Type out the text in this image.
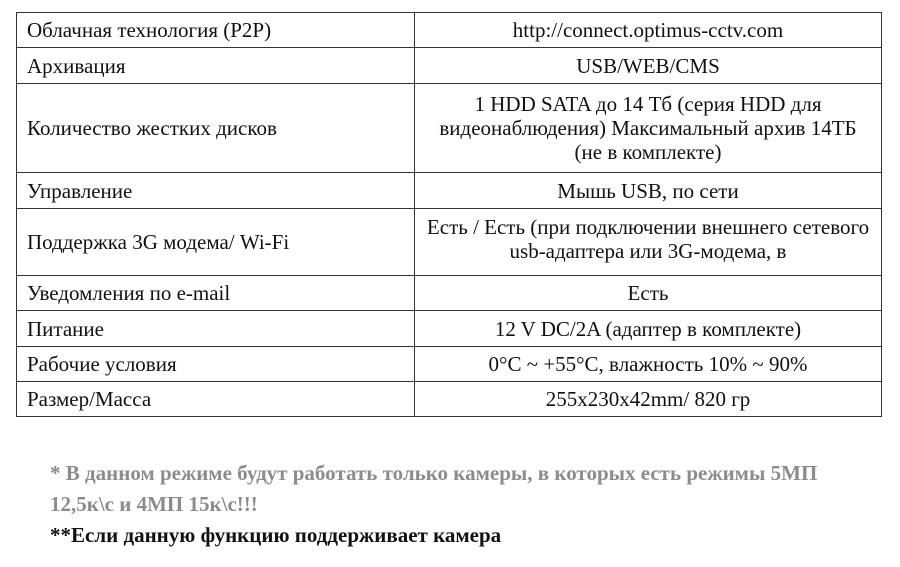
Облачная технология (P2P)	http://connect.optimus-cctv.com
Архивация	USB/WEB/CMS
Количество жестких дисков	1 HDD SATA до 14 Тб (серия HDD для видеонаблюдения) Максимальный архив 14ТБ (не в комплекте)
Управление	Мышь USB, по сети
Поддержка 3G модема/ Wi-Fi	Есть / Есть (при подключении внешнего сетевого usb-адаптера или 3G-модема, в

Уведомления по e-mail	Есть
Питание	12 V DC/2A (адаптер в комплекте)
Рабочие условия	0°C ~ +55°C, влажность 10% ~ 90%
Размер/Масса	255x230x42mm/ 820 гр
* В данном режиме будут работать только камеры, в которых есть режимы 5МП 12,5к\с и 4МП 15к\с!!!
**Если данную функцию поддерживает камера
